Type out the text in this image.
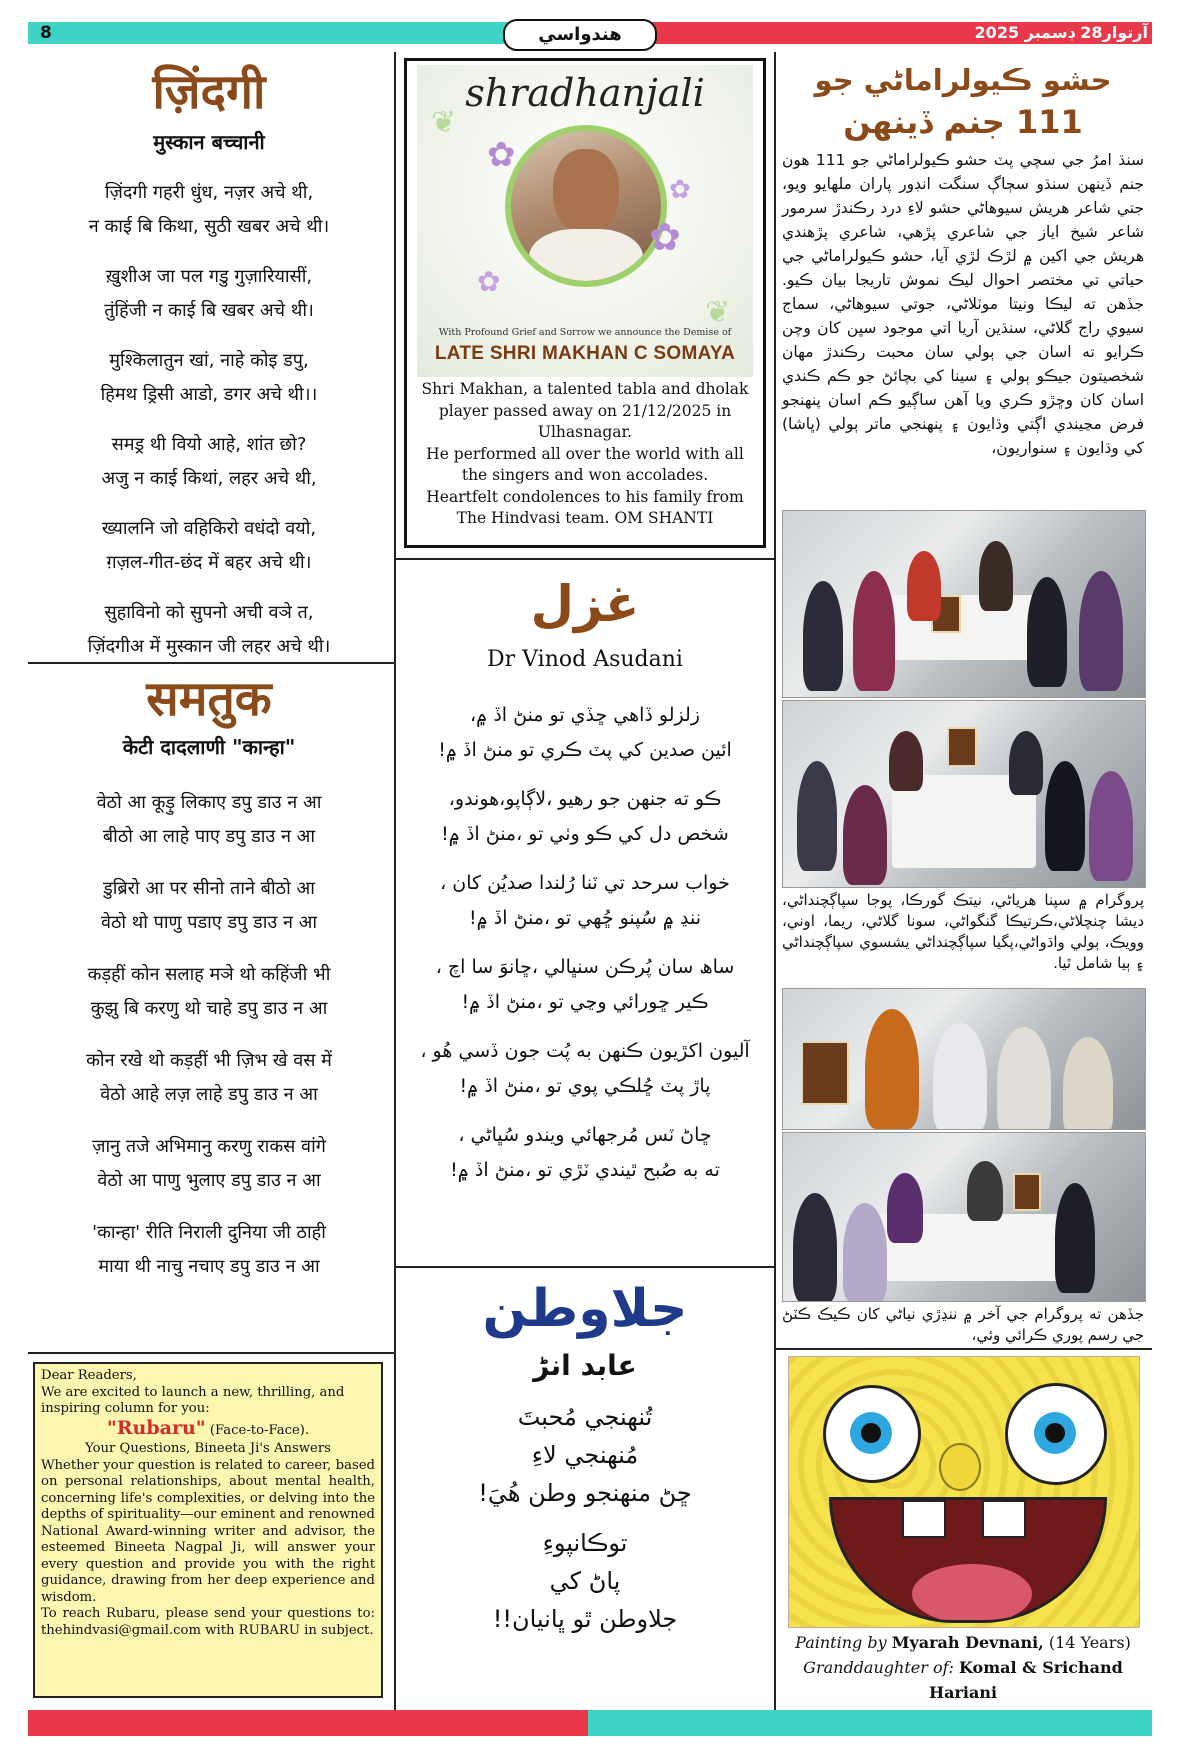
8	هندواسي	آرتوار28 ڊسمبر 2025
ज़िंदगी
मुस्कान बच्चानी
ज़िंदगी गहरी धुंध, नज़र अचे थी,
न काई बि किथा, सुठी खबर अचे थी।
ख़ुशीअ जा पल गडु गुज़ारियासीं,
तुंहिंजी न काई बि खबर अचे थी।
मुश्किलातुन खां, नाहे कोइ डपु,
हिमथ ड्रिसी आडो, डगर अचे थी।।
समड्र थी वियो आहे, शांत छो?
अजु न काई किथां, लहर अचे थी,
ख्यालनि जो वहिकिरो वधंदो वयो,
ग़ज़ल-गीत-छंद में बहर अचे थी।
सुहाविनो को सुपनो अची वञे त,
ज़िंदगीअ में मुस्कान जी लहर अचे थी।
समतुक
केटी दादलाणी "कान्हा"
वेठो आ कूड़ु लिकाए डपु डाउ न आ
बीठो आ लाहे पाए डपु डाउ न आ
डुब्रिरो आ पर सीनो ताने बीठो आ
वेठो थो पाणु पडाए डपु डाउ न आ
कड़हीं कोन सलाह मञे थो कहिंजी भी
कुझु बि करणु थो चाहे डपु डाउ न आ
कोन रखे थो कड़हीं भी ज़िभ खे वस में
वेठो आहे लज़ लाहे डपु डाउ न आ
ज़ानु तजे अभिमानु करणु राकस वांगे
वेठो आ पाणु भुलाए डपु डाउ न आ
'कान्हा' रीति निराली दुनिया जी ठाही
माया थी नाचु नचाए डपु डाउ न आ
Dear Readers,
We are excited to launch a new, thrilling, and inspiring column for you:
"Rubaru" (Face-to-Face).
Your Questions, Bineeta Ji's Answers
Whether your question is related to career, based on personal relationships, about mental health, concerning life's complexities, or delving into the depths of spirituality—our eminent and renowned National Award-winning writer and advisor, the esteemed Bineeta Nagpal Ji, will answer your every question and provide you with the right guidance, drawing from her deep experience and wisdom.
To reach Rubaru, please send your questions to: thehindvasi@gmail.com with RUBARU in subject.
shradhanjali
✿
✿
✿
✿
❦
❦
With Profound Grief and Sorrow we announce the Demise of
LATE SHRI MAKHAN C SOMAYA
Shri Makhan, a talented tabla and dholak player passed away on 21/12/2025 in Ulhasnagar.
He performed all over the world with all the singers and won accolades.
Heartfelt condolences to his family from The Hindvasi team. OM SHANTI
غزل
Dr Vinod Asudani
زلزلو ڏاهي ڇڏي تو منڻ اڏ ۾،
ائين صدين کي پٽ ڪري تو منڻ اڏ ۾!
ڪو ته جنهن جو رهيو ،لاڳاپو،هوندو،
شخص دل کي ڪو وٺي تو ،منڻ اڏ ۾!
خواب سرحد تي ٽنا رُلندا صديُن کان ،
ننڍ ۾ سُپنو ڇُهي تو ،منڻ اڏ ۾!
ساھ سان پُرڪن سنڀالي ،ڇانوَ سا اچ ،
ڪير ڇورائي وڃي تو ،منڻ اڏ ۾!
آليون اکڙيون ڪنهن به پُت جون ڏسي هُو ،
پاڙ پٽ ڇُلڪي پوي تو ،منڻ اڏ ۾!
ڇاڻ ٽس مُرجهائي ويندو سُڀاڻي ،
ته به صُبح ٿيندي ٽڙي تو ،منڻ اڏ ۾!
جلاوطن
عابد انڑ
تُنهنجي مُحبتَ
مُنهنجي لاءِ
ڇڻ منهنجو وطن هُيَ!
توڪانپوءِ
پاڻ کي
جلاوطن ٿو ڀانيان!!
حشو ڪيولراماڻي جو
111 جنم ڏينهن
سنڌ امرُ جي سچي پٽ حشو ڪيولراماڻي جو 111 هون جنم ڏينهن سنڌو سڄاڳ سنگت انڊور پاران ملهايو ويو، جتي شاعر هريش سيوهاڻي حشو لاءِ درد رڪندڙ سرمور شاعر شيخ اياز جي شاعري پڙهي، شاعري پڙهندي هريش جي اکين ۾ لڙڪ لڙي آيا، حشو ڪيولراماڻي جي حياتي تي مختصر احوال ليڪ نموش تاريجا بيان ڪيو. جڏهن ته ليڪا ونيتا موٽلاڻي، جوتي سيوهاڻي، سماج سيوي راج گلاڻي، سنڌين آريا اتي موجود سڀن کان وچن ڪرايو ته اسان جي ٻولي سان محبت رڪندڙ مهان شخصيتون جيڪو ٻولي ۽ سينا کي بچائڻ جو ڪم ڪندي اسان کان وڇڙو ڪري ويا آهن ساڳيو ڪم اسان پنهنجو فرض مڃيندي اڳتي وڌايون ۽ پنهنجي ماتر ٻولي (ڀاشا) کي وڌايون ۽ سنواريون،
پروگرام ۾ سپنا هرياڻي، نيتڪ گورڪا، پوجا سپاڳچنداڻي، ديشا چنچلاڻي،ڪرتيڪا گنگواڻي، سونا گلاڻي، ريما، اوني، وويڪ، ٻولي واڌواڻي،پگيا سپاڳچنداڻي يشسوي سپاڳچنداڻي ۽ ٻيا شامل ٿيا.
جڏهن ته پروگرام جي آخر ۾ ننڍڙي نياڻي کان ڪيڪ ڪٽڻ جي رسم پوري ڪرائي وئي،
Painting by Myarah Devnani, (14 Years)
Granddaughter of: Komal & Srichand Hariani
